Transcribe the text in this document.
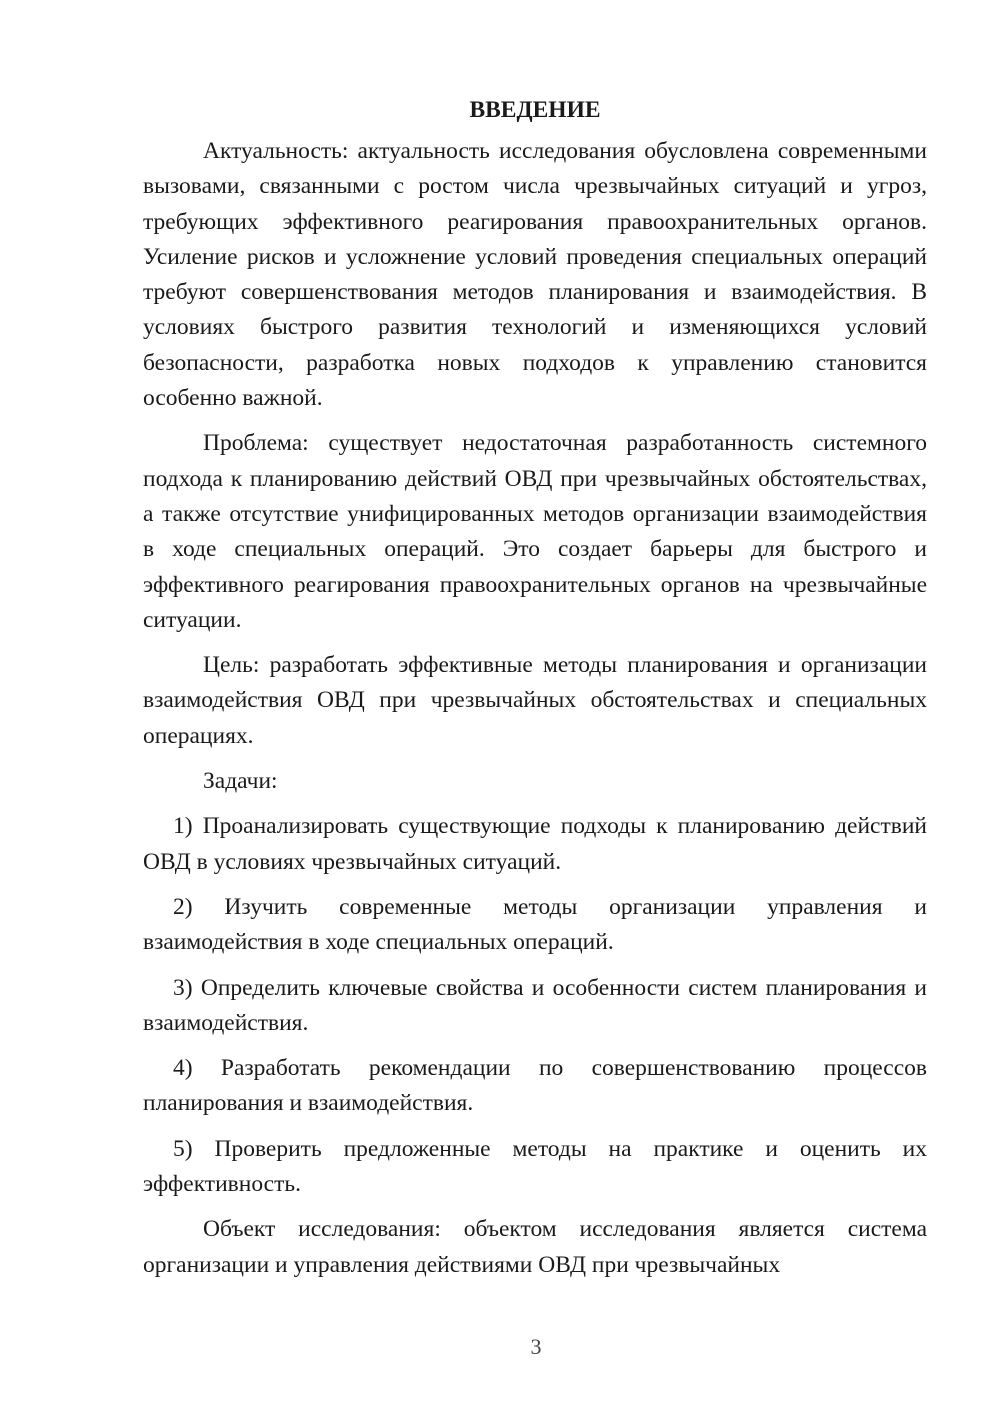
ВВЕДЕНИЕ

Актуальность: актуальность исследования обусловлена современными вызовами, связанными с ростом числа чрезвычайных ситуаций и угроз, требующих эффективного реагирования правоохранительных органов. Усиление рисков и усложнение условий проведения специальных операций требуют совершенствования методов планирования и взаимодействия. В условиях быстрого развития технологий и изменяющихся условий безопасности, разработка новых подходов к управлению становится особенно важной.

Проблема: существует недостаточная разработанность системного подхода к планированию действий ОВД при чрезвычайных обстоятельствах, а также отсутствие унифицированных методов организации взаимодействия в ходе специальных операций. Это создает барьеры для быстрого и эффективного реагирования правоохранительных органов на чрезвычайные ситуации.

Цель: разработать эффективные методы планирования и организации взаимодействия ОВД при чрезвычайных обстоятельствах и специальных операциях.

Задачи:

1) Проанализировать существующие подходы к планированию действий ОВД в условиях чрезвычайных ситуаций.

2) Изучить современные методы организации управления и взаимодействия в ходе специальных операций.

3) Определить ключевые свойства и особенности систем планирования и взаимодействия.

4) Разработать рекомендации по совершенствованию процессов планирования и взаимодействия.

5) Проверить предложенные методы на практике и оценить их эффективность.

Объект исследования: объектом исследования является система организации и управления действиями ОВД при чрезвычайных

3
